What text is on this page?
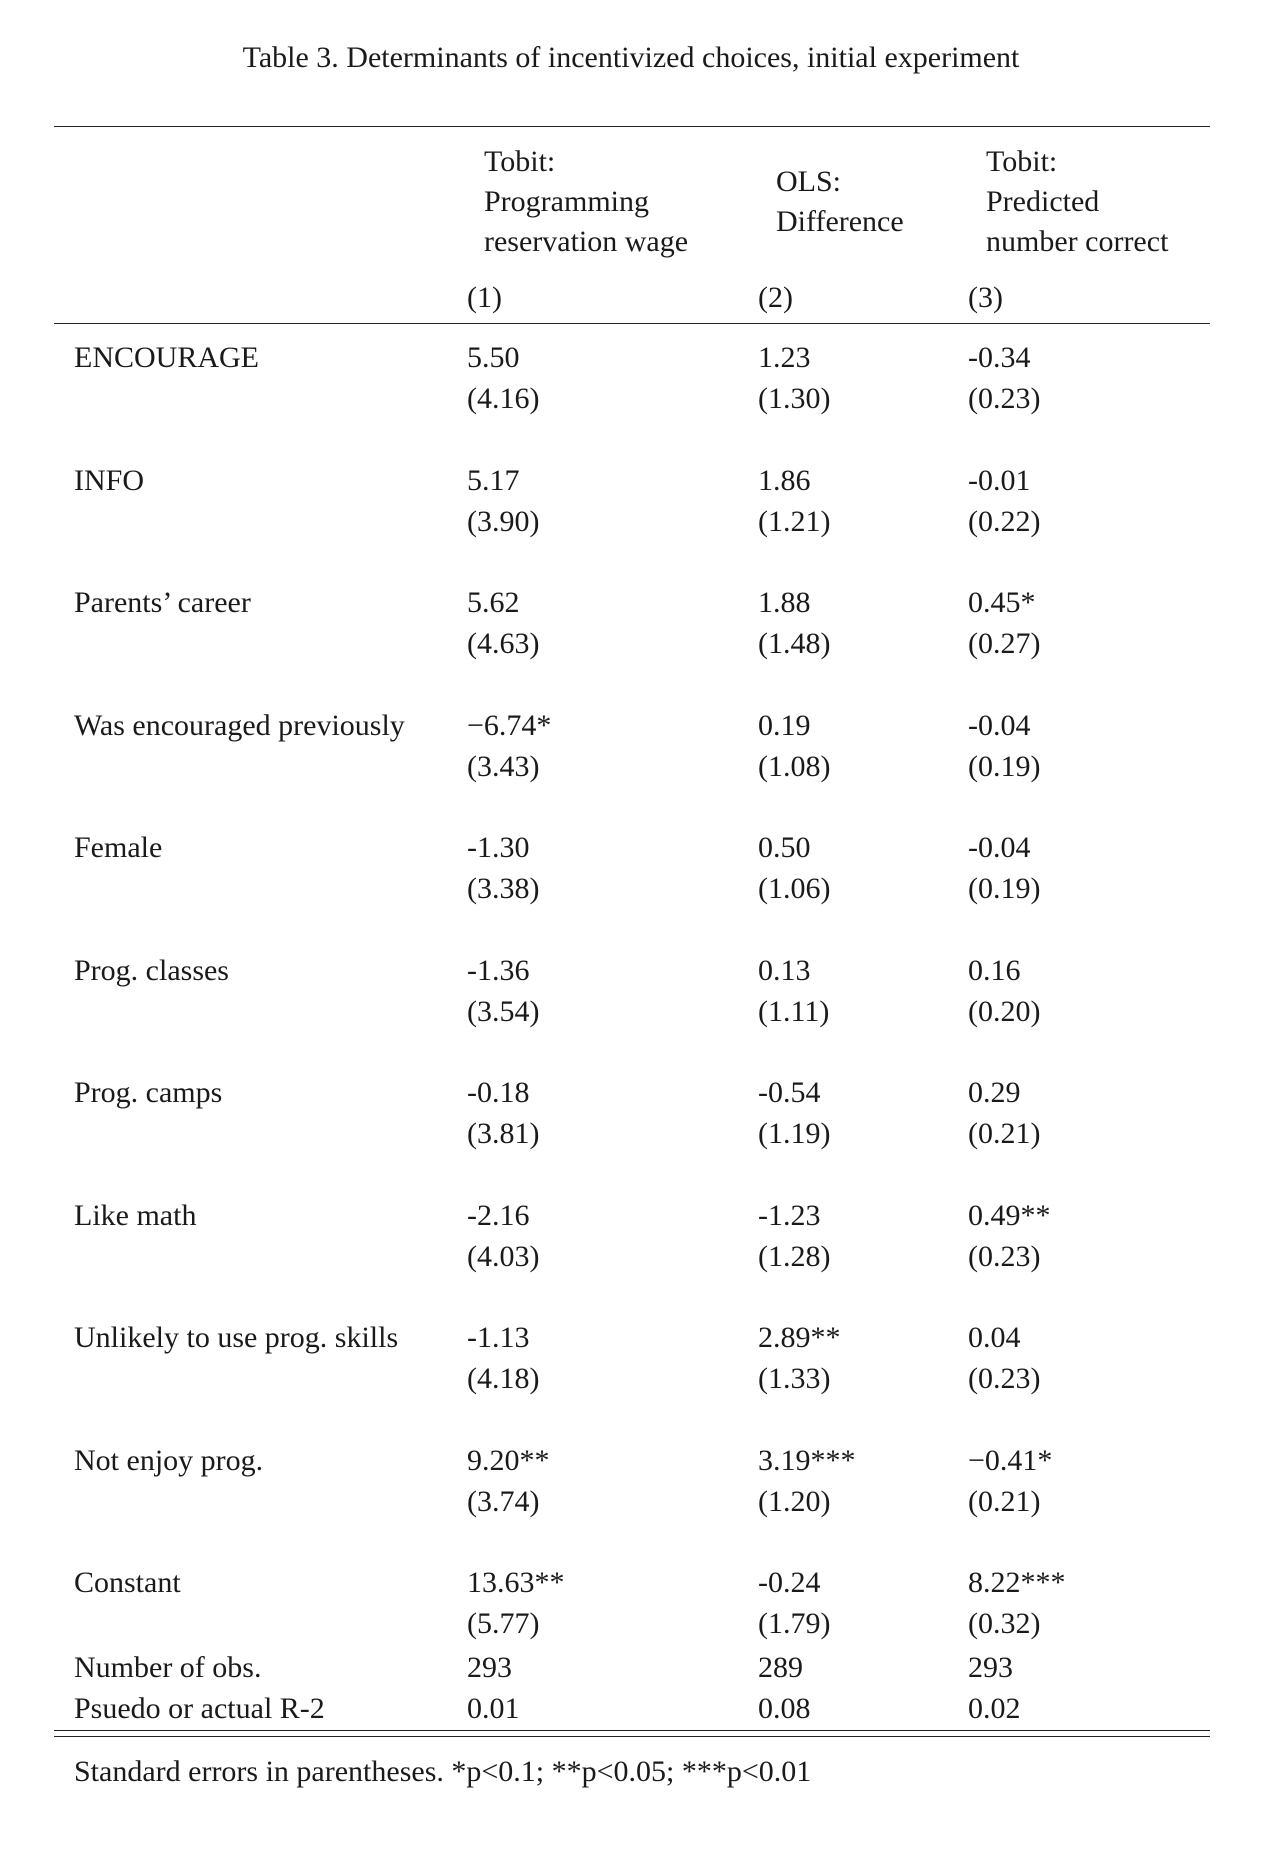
Table 3. Determinants of incentivized choices, initial experiment
Tobit:
Programming
reservation wage
OLS:
Difference
Tobit:
Predicted
number correct
(1)	(2)	(3)
ENCOURAGE	5.50	1.23	-0.34
(4.16)	(1.30)	(0.23)
INFO	5.17	1.86	-0.01
(3.90)	(1.21)	(0.22)
Parents’ career	5.62	1.88	0.45*
(4.63)	(1.48)	(0.27)
Was encouraged previously −6.74*	0.19	-0.04
(3.43)	(1.08)	(0.19)
Female	-1.30	0.50	-0.04
(3.38)	(1.06)	(0.19)
Prog. classes	-1.36	0.13	0.16
(3.54)	(1.11)	(0.20)
Prog. camps	-0.18	-0.54	0.29
(3.81)	(1.19)	(0.21)
Like math	-2.16	-1.23	0.49**
(4.03)	(1.28)	(0.23)
Unlikely to use prog. skills -1.13	2.89**	0.04
(4.18)	(1.33)	(0.23)
Not enjoy prog.	9.20**	3.19***	−0.41*
(3.74)	(1.20)	(0.21)
Constant	13.63**	-0.24	8.22***
(5.77)	(1.79)	(0.32)
Number of obs.	293	289	293
Psuedo or actual R-2	0.01	0.08	0.02
Standard errors in parentheses. *p<0.1; **p<0.05; ***p<0.01
